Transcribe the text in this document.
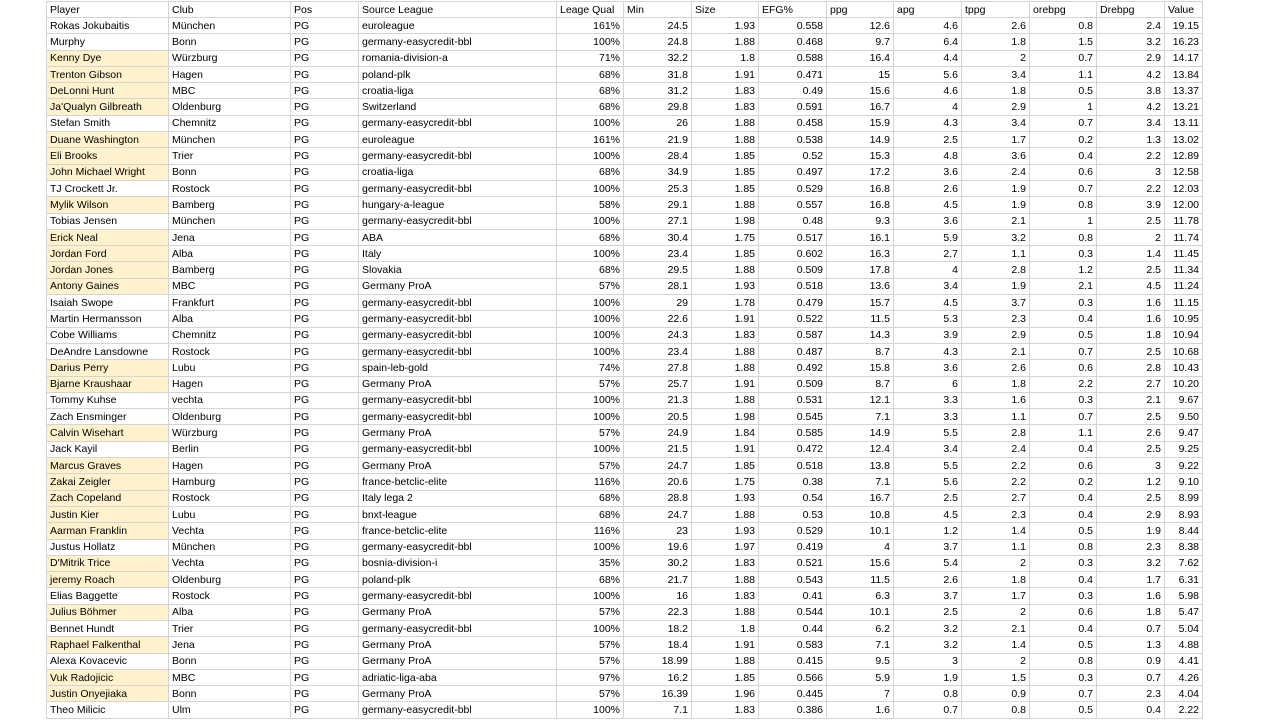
Player	Club	Pos	Source League	Leage Qual	Min	Size	EFG%	ppg	apg	tppg	orebpg	Drebpg	Value
Rokas Jokubaitis	München	PG	euroleague	161%	24.5	1.93	0.558	12.6	4.6	2.6	0.8	2.4	19.15
Murphy	Bonn	PG	germany-easycredit-bbl	100%	24.8	1.88	0.468	9.7	6.4	1.8	1.5	3.2	16.23
Kenny Dye	Würzburg	PG	romania-division-a	71%	32.2	1.8	0.588	16.4	4.4	2	0.7	2.9	14.17
Trenton Gibson	Hagen	PG	poland-plk	68%	31.8	1.91	0.471	15	5.6	3.4	1.1	4.2	13.84
DeLonni Hunt	MBC	PG	croatia-liga	68%	31.2	1.83	0.49	15.6	4.6	1.8	0.5	3.8	13.37
Ja'Qualyn Gilbreath	Oldenburg	PG	Switzerland	68%	29.8	1.83	0.591	16.7	4	2.9	1	4.2	13.21
Stefan Smith	Chemnitz	PG	germany-easycredit-bbl	100%	26	1.88	0.458	15.9	4.3	3.4	0.7	3.4	13.11
Duane Washington	München	PG	euroleague	161%	21.9	1.88	0.538	14.9	2.5	1.7	0.2	1.3	13.02
Eli Brooks	Trier	PG	germany-easycredit-bbl	100%	28.4	1.85	0.52	15.3	4.8	3.6	0.4	2.2	12.89
John Michael Wright	Bonn	PG	croatia-liga	68%	34.9	1.85	0.497	17.2	3.6	2.4	0.6	3	12.58
TJ Crockett Jr.	Rostock	PG	germany-easycredit-bbl	100%	25.3	1.85	0.529	16.8	2.6	1.9	0.7	2.2	12.03
Mylik Wilson	Bamberg	PG	hungary-a-league	58%	29.1	1.88	0.557	16.8	4.5	1.9	0.8	3.9	12.00
Tobias Jensen	München	PG	germany-easycredit-bbl	100%	27.1	1.98	0.48	9.3	3.6	2.1	1	2.5	11.78
Erick Neal	Jena	PG	ABA	68%	30.4	1.75	0.517	16.1	5.9	3.2	0.8	2	11.74
Jordan Ford	Alba	PG	Italy	100%	23.4	1.85	0.602	16.3	2.7	1.1	0.3	1.4	11.45
Jordan Jones	Bamberg	PG	Slovakia	68%	29.5	1.88	0.509	17.8	4	2.8	1.2	2.5	11.34
Antony Gaines	MBC	PG	Germany ProA	57%	28.1	1.93	0.518	13.6	3.4	1.9	2.1	4.5	11.24
Isaiah Swope	Frankfurt	PG	germany-easycredit-bbl	100%	29	1.78	0.479	15.7	4.5	3.7	0.3	1.6	11.15
Martin Hermansson	Alba	PG	germany-easycredit-bbl	100%	22.6	1.91	0.522	11.5	5.3	2.3	0.4	1.6	10.95
Cobe Williams	Chemnitz	PG	germany-easycredit-bbl	100%	24.3	1.83	0.587	14.3	3.9	2.9	0.5	1.8	10.94
DeAndre Lansdowne	Rostock	PG	germany-easycredit-bbl	100%	23.4	1.88	0.487	8.7	4.3	2.1	0.7	2.5	10.68
Darius Perry	Lubu	PG	spain-leb-gold	74%	27.8	1.88	0.492	15.8	3.6	2.6	0.6	2.8	10.43
Bjarne Kraushaar	Hagen	PG	Germany ProA	57%	25.7	1.91	0.509	8.7	6	1.8	2.2	2.7	10.20
Tommy Kuhse	vechta	PG	germany-easycredit-bbl	100%	21.3	1.88	0.531	12.1	3.3	1.6	0.3	2.1	9.67
Zach Ensminger	Oldenburg	PG	germany-easycredit-bbl	100%	20.5	1.98	0.545	7.1	3.3	1.1	0.7	2.5	9.50
Calvin Wisehart	Würzburg	PG	Germany ProA	57%	24.9	1.84	0.585	14.9	5.5	2.8	1.1	2.6	9.47
Jack Kayil	Berlin	PG	germany-easycredit-bbl	100%	21.5	1.91	0.472	12.4	3.4	2.4	0.4	2.5	9.25
Marcus Graves	Hagen	PG	Germany ProA	57%	24.7	1.85	0.518	13.8	5.5	2.2	0.6	3	9.22
Zakai Zeigler	Hamburg	PG	france-betclic-elite	116%	20.6	1.75	0.38	7.1	5.6	2.2	0.2	1.2	9.10
Zach Copeland	Rostock	PG	Italy lega 2	68%	28.8	1.93	0.54	16.7	2.5	2.7	0.4	2.5	8.99
Justin Kier	Lubu	PG	bnxt-league	68%	24.7	1.88	0.53	10.8	4.5	2.3	0.4	2.9	8.93
Aarman Franklin	Vechta	PG	france-betclic-elite	116%	23	1.93	0.529	10.1	1.2	1.4	0.5	1.9	8.44
Justus Hollatz	München	PG	germany-easycredit-bbl	100%	19.6	1.97	0.419	4	3.7	1.1	0.8	2.3	8.38
D'Mitrik Trice	Vechta	PG	bosnia-division-i	35%	30.2	1.83	0.521	15.6	5.4	2	0.3	3.2	7.62
jeremy Roach	Oldenburg	PG	poland-plk	68%	21.7	1.88	0.543	11.5	2.6	1.8	0.4	1.7	6.31
Elias Baggette	Rostock	PG	germany-easycredit-bbl	100%	16	1.83	0.41	6.3	3.7	1.7	0.3	1.6	5.98
Julius Böhmer	Alba	PG	Germany ProA	57%	22.3	1.88	0.544	10.1	2.5	2	0.6	1.8	5.47
Bennet Hundt	Trier	PG	germany-easycredit-bbl	100%	18.2	1.8	0.44	6.2	3.2	2.1	0.4	0.7	5.04
Raphael Falkenthal	Jena	PG	Germany ProA	57%	18.4	1.91	0.583	7.1	3.2	1.4	0.5	1.3	4.88
Alexa Kovacevic	Bonn	PG	Germany ProA	57%	18.99	1.88	0.415	9.5	3	2	0.8	0.9	4.41
Vuk Radojicic	MBC	PG	adriatic-liga-aba	97%	16.2	1.85	0.566	5.9	1.9	1.5	0.3	0.7	4.26
Justin Onyejiaka	Bonn	PG	Germany ProA	57%	16.39	1.96	0.445	7	0.8	0.9	0.7	2.3	4.04
Theo Milicic	Ulm	PG	germany-easycredit-bbl	100%	7.1	1.83	0.386	1.6	0.7	0.8	0.5	0.4	2.22
